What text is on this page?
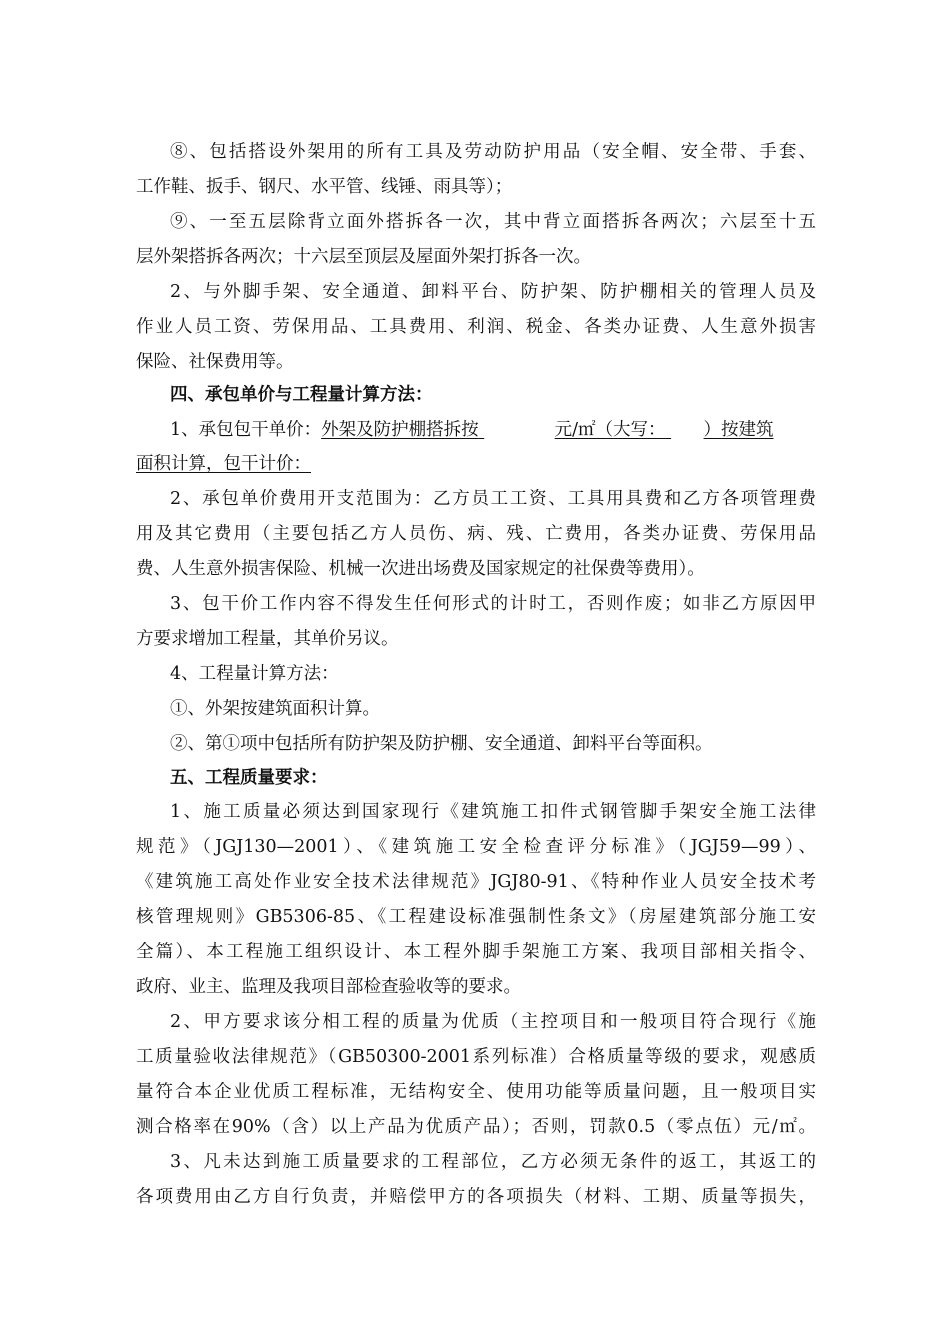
⑧、包括搭设外架用的所有工具及劳动防护用品（安全帽、安全带、手套、
工作鞋、扳手、钢尺、水平管、线锤、雨具等）；
⑨、一至五层除背立面外搭拆各一次，其中背立面搭拆各两次；六层至十五
层外架搭拆各两次；十六层至顶层及屋面外架打拆各一次。
2、与外脚手架、安全通道、卸料平台、防护架、防护棚相关的管理人员及
作业人员工资、劳保用品、工具费用、利润、税金、各类办证费、人生意外损害
保险、社保费用等。
四、承包单价与工程量计算方法：
1、承包包干单价：外架及防护棚搭拆按	元/㎡（大写： ）按建筑
面积计算，包干计价：
2、承包单价费用开支范围为：乙方员工工资、工具用具费和乙方各项管理费
用及其它费用（主要包括乙方人员伤、病、残、亡费用，各类办证费、劳保用品
费、人生意外损害保险、机械一次进出场费及国家规定的社保费等费用）。
3、包干价工作内容不得发生任何形式的计时工，否则作废；如非乙方原因甲
方要求增加工程量，其单价另议。
4、工程量计算方法：
①、外架按建筑面积计算。
②、第①项中包括所有防护架及防护棚、安全通道、卸料平台等面积。
五、工程质量要求：
1、施工质量必须达到国家现行《建筑施工扣件式钢管脚手架安全施工法律
规范》（JGJ130—2001）、《建筑施工安全检查评分标准》（JGJ59—99）、
《建筑施工高处作业安全技术法律规范》JGJ80-91、《特种作业人员安全技术考
核管理规则》GB5306-85、《工程建设标准强制性条文》（房屋建筑部分施工安
全篇）、本工程施工组织设计、本工程外脚手架施工方案、我项目部相关指令、
政府、业主、监理及我项目部检查验收等的要求。
2、甲方要求该分相工程的质量为优质（主控项目和一般项目符合现行《施
工质量验收法律规范》（GB50300-2001系列标准）合格质量等级的要求，观感质
量符合本企业优质工程标准，无结构安全、使用功能等质量问题，且一般项目实
测合格率在90%（含）以上产品为优质产品）；否则，罚款0.5（零点伍）元/㎡。
3、凡未达到施工质量要求的工程部位，乙方必须无条件的返工，其返工的
各项费用由乙方自行负责，并赔偿甲方的各项损失（材料、工期、质量等损失，
